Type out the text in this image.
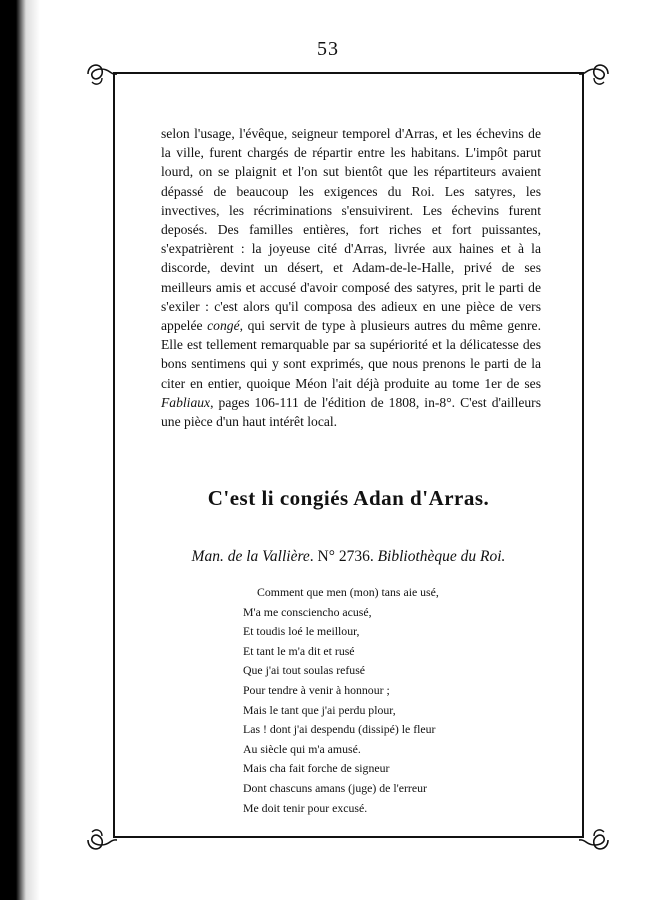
53

selon l'usage, l'évêque, seigneur temporel d'Arras, et les échevins de la ville, furent chargés de répartir entre les habitans. L'impôt parut lourd, on se plaignit et l'on sut bientôt que les répartiteurs avaient dépassé de beaucoup les exigences du Roi. Les satyres, les invectives, les récriminations s'ensuivirent. Les échevins furent deposés. Des familles entières, fort riches et fort puissantes, s'expatrièrent : la joyeuse cité d'Arras, livrée aux haines et à la discorde, devint un désert, et Adam-de-le-Halle, privé de ses meilleurs amis et accusé d'avoir composé des satyres, prit le parti de s'exiler : c'est alors qu'il composa des adieux en une pièce de vers appelée congé, qui servit de type à plusieurs autres du même genre. Elle est tellement remarquable par sa supériorité et la délicatesse des bons sentimens qui y sont exprimés, que nous prenons le parti de la citer en entier, quoique Méon l'ait déjà produite au tome 1er de ses Fabliaux, pages 106-111 de l'édition de 1808, in-8°. C'est d'ailleurs une pièce d'un haut intérêt local.

C'est li congiés Adan d'Arras.
Man. de la Vallière. N° 2736. Bibliothèque du Roi.
Comment que men (mon) tans aie usé,
M'a me consciencho acusé,
Et toudis loé le meillour,
Et tant le m'a dit et rusé
Que j'ai tout soulas refusé
Pour tendre à venir à honnour ;
Mais le tant que j'ai perdu plour,
Las ! dont j'ai despendu (dissipé) le fleur
Au siècle qui m'a amusé.
Mais cha fait forche de signeur
Dont chascuns amans (juge) de l'erreur
Me doit tenir pour excusé.
